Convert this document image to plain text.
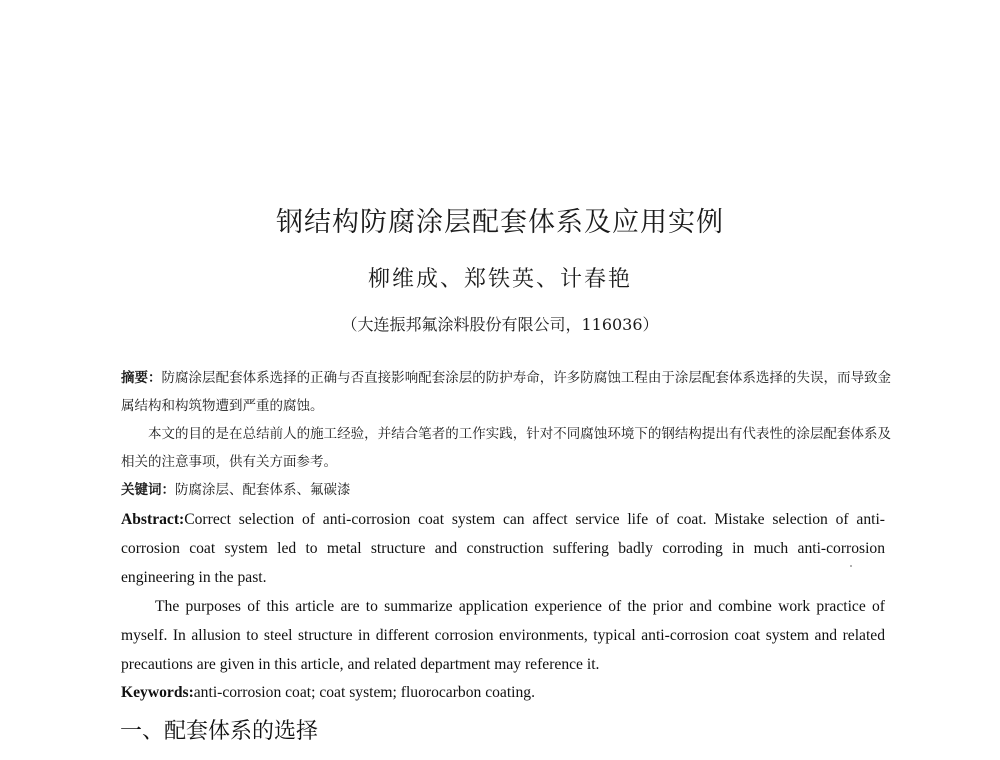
钢结构防腐涂层配套体系及应用实例
柳维成、郑铁英、计春艳
（大连振邦氟涂料股份有限公司，116036）
摘要：防腐涂层配套体系选择的正确与否直接影响配套涂层的防护寿命，许多防腐蚀工程由于涂层配套体系选择的失误，而导致金属结构和构筑物遭到严重的腐蚀。
本文的目的是在总结前人的施工经验，并结合笔者的工作实践，针对不同腐蚀环境下的钢结构提出有代表性的涂层配套体系及相关的注意事项，供有关方面参考。
关键词：防腐涂层、配套体系、氟碳漆
Abstract:Correct selection of anti-corrosion coat system can affect service life of coat. Mistake selection of anti-corrosion coat system led to metal structure and construction suffering badly corroding in much anti-corrosion engineering in the past.
The purposes of this article are to summarize application experience of the prior and combine work practice of myself. In allusion to steel structure in different corrosion environments, typical anti-corrosion coat system and related precautions are given in this article, and related department may reference it.
Keywords:anti-corrosion coat; coat system; fluorocarbon coating.
一、配套体系的选择
